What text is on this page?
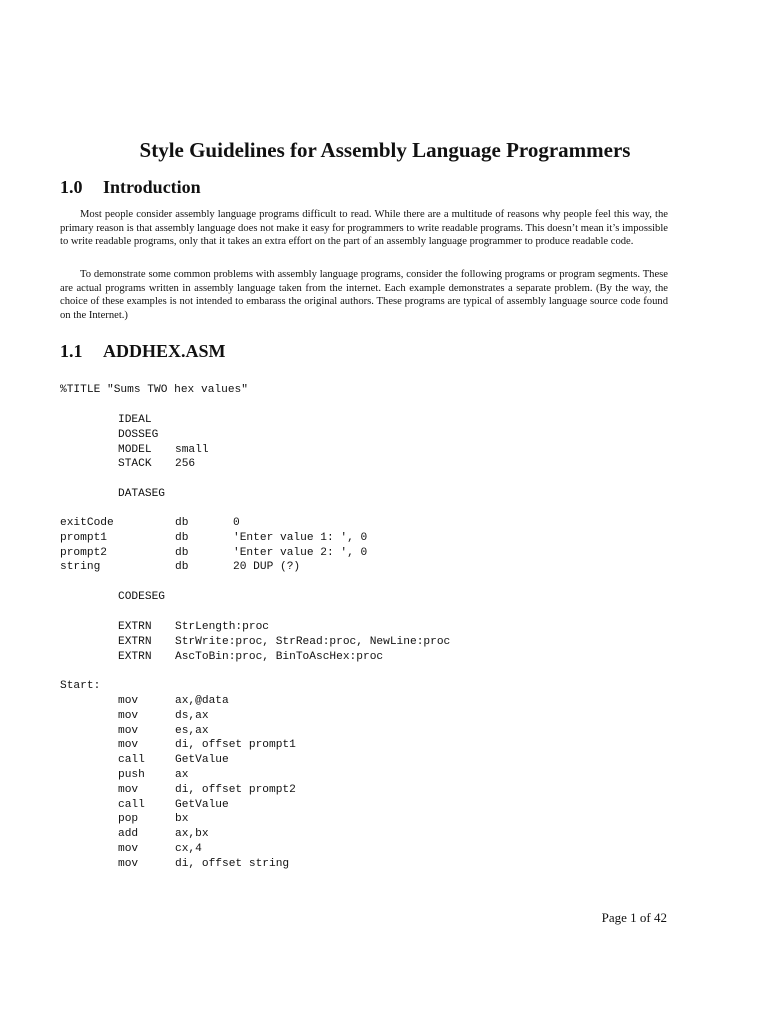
Style Guidelines for Assembly Language Programmers
1.0 Introduction

Most people consider assembly language programs difficult to read. While there are a multitude of reasons why people feel this way, the primary reason is that assembly language does not make it easy for programmers to write readable programs. This doesn’t mean it’s impossible to write readable programs, only that it takes an extra effort on the part of an assembly language programmer to produce readable code.

To demonstrate some common problems with assembly language programs, consider the following programs or program segments. These are actual programs written in assembly language taken from the internet. Each example demonstrates a separate problem. (By the way, the choice of these examples is not intended to embarass the original authors. These programs are typical of assembly language source code found on the Internet.)

1.1 ADDHEX.ASM
%TITLE "Sums TWO hex values"
IDEAL
DOSSEG
MODEL small
STACK 256
DATASEG
exitCode	db	0
prompt1	db	'Enter value 1: ', 0
prompt2	db	'Enter value 2: ', 0
string	db	20 DUP (?)
CODESEG
EXTRN StrLength:proc
EXTRN StrWrite:proc, StrRead:proc, NewLine:proc
EXTRN AscToBin:proc, BinToAscHex:proc
Start:
mov	ax,@data
mov	ds,ax
mov	es,ax
mov	di, offset prompt1
call	GetValue
push	ax
mov	di, offset prompt2
call	GetValue
pop	bx
add	ax,bx
mov	cx,4
mov	di, offset string

Page 1 of 42
